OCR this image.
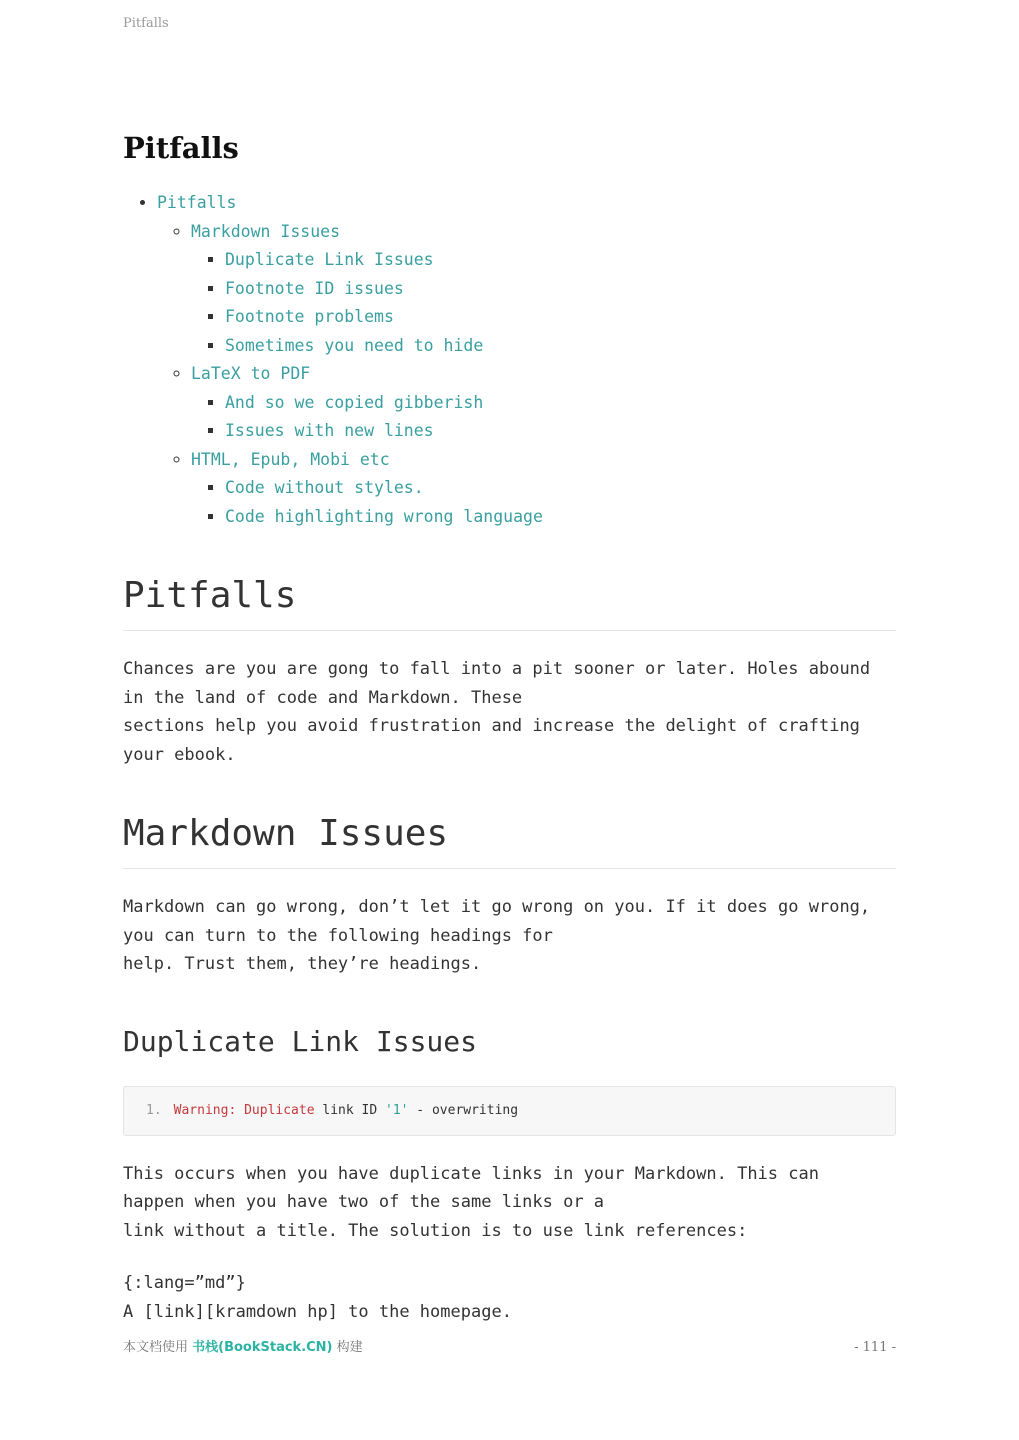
Pitfalls
Pitfalls
• Pitfalls
◦ Markdown Issues
▪ Duplicate Link Issues
▪ Footnote ID issues
▪ Footnote problems
▪ Sometimes you need to hide
◦ LaTeX to PDF
▪ And so we copied gibberish
▪ Issues with new lines
◦ HTML, Epub, Mobi etc
▪ Code without styles.
▪ Code highlighting wrong language
Pitfalls
Chances are you are gong to fall into a pit sooner or later. Holes abound
in the land of code and Markdown. These
sections help you avoid frustration and increase the delight of crafting
your ebook.
Markdown Issues
Markdown can go wrong, don’t let it go wrong on you. If it does go wrong,
you can turn to the following headings for
help. Trust them, they’re headings.
Duplicate Link Issues
1. Warning: Duplicate link ID '1' - overwriting
This occurs when you have duplicate links in your Markdown. This can
happen when you have two of the same links or a
link without a title. The solution is to use link references:
{:lang=”md”}
A [link][kramdown hp] to the homepage.
本文档使用 书栈(BookStack.CN) 构建	- 111 -
